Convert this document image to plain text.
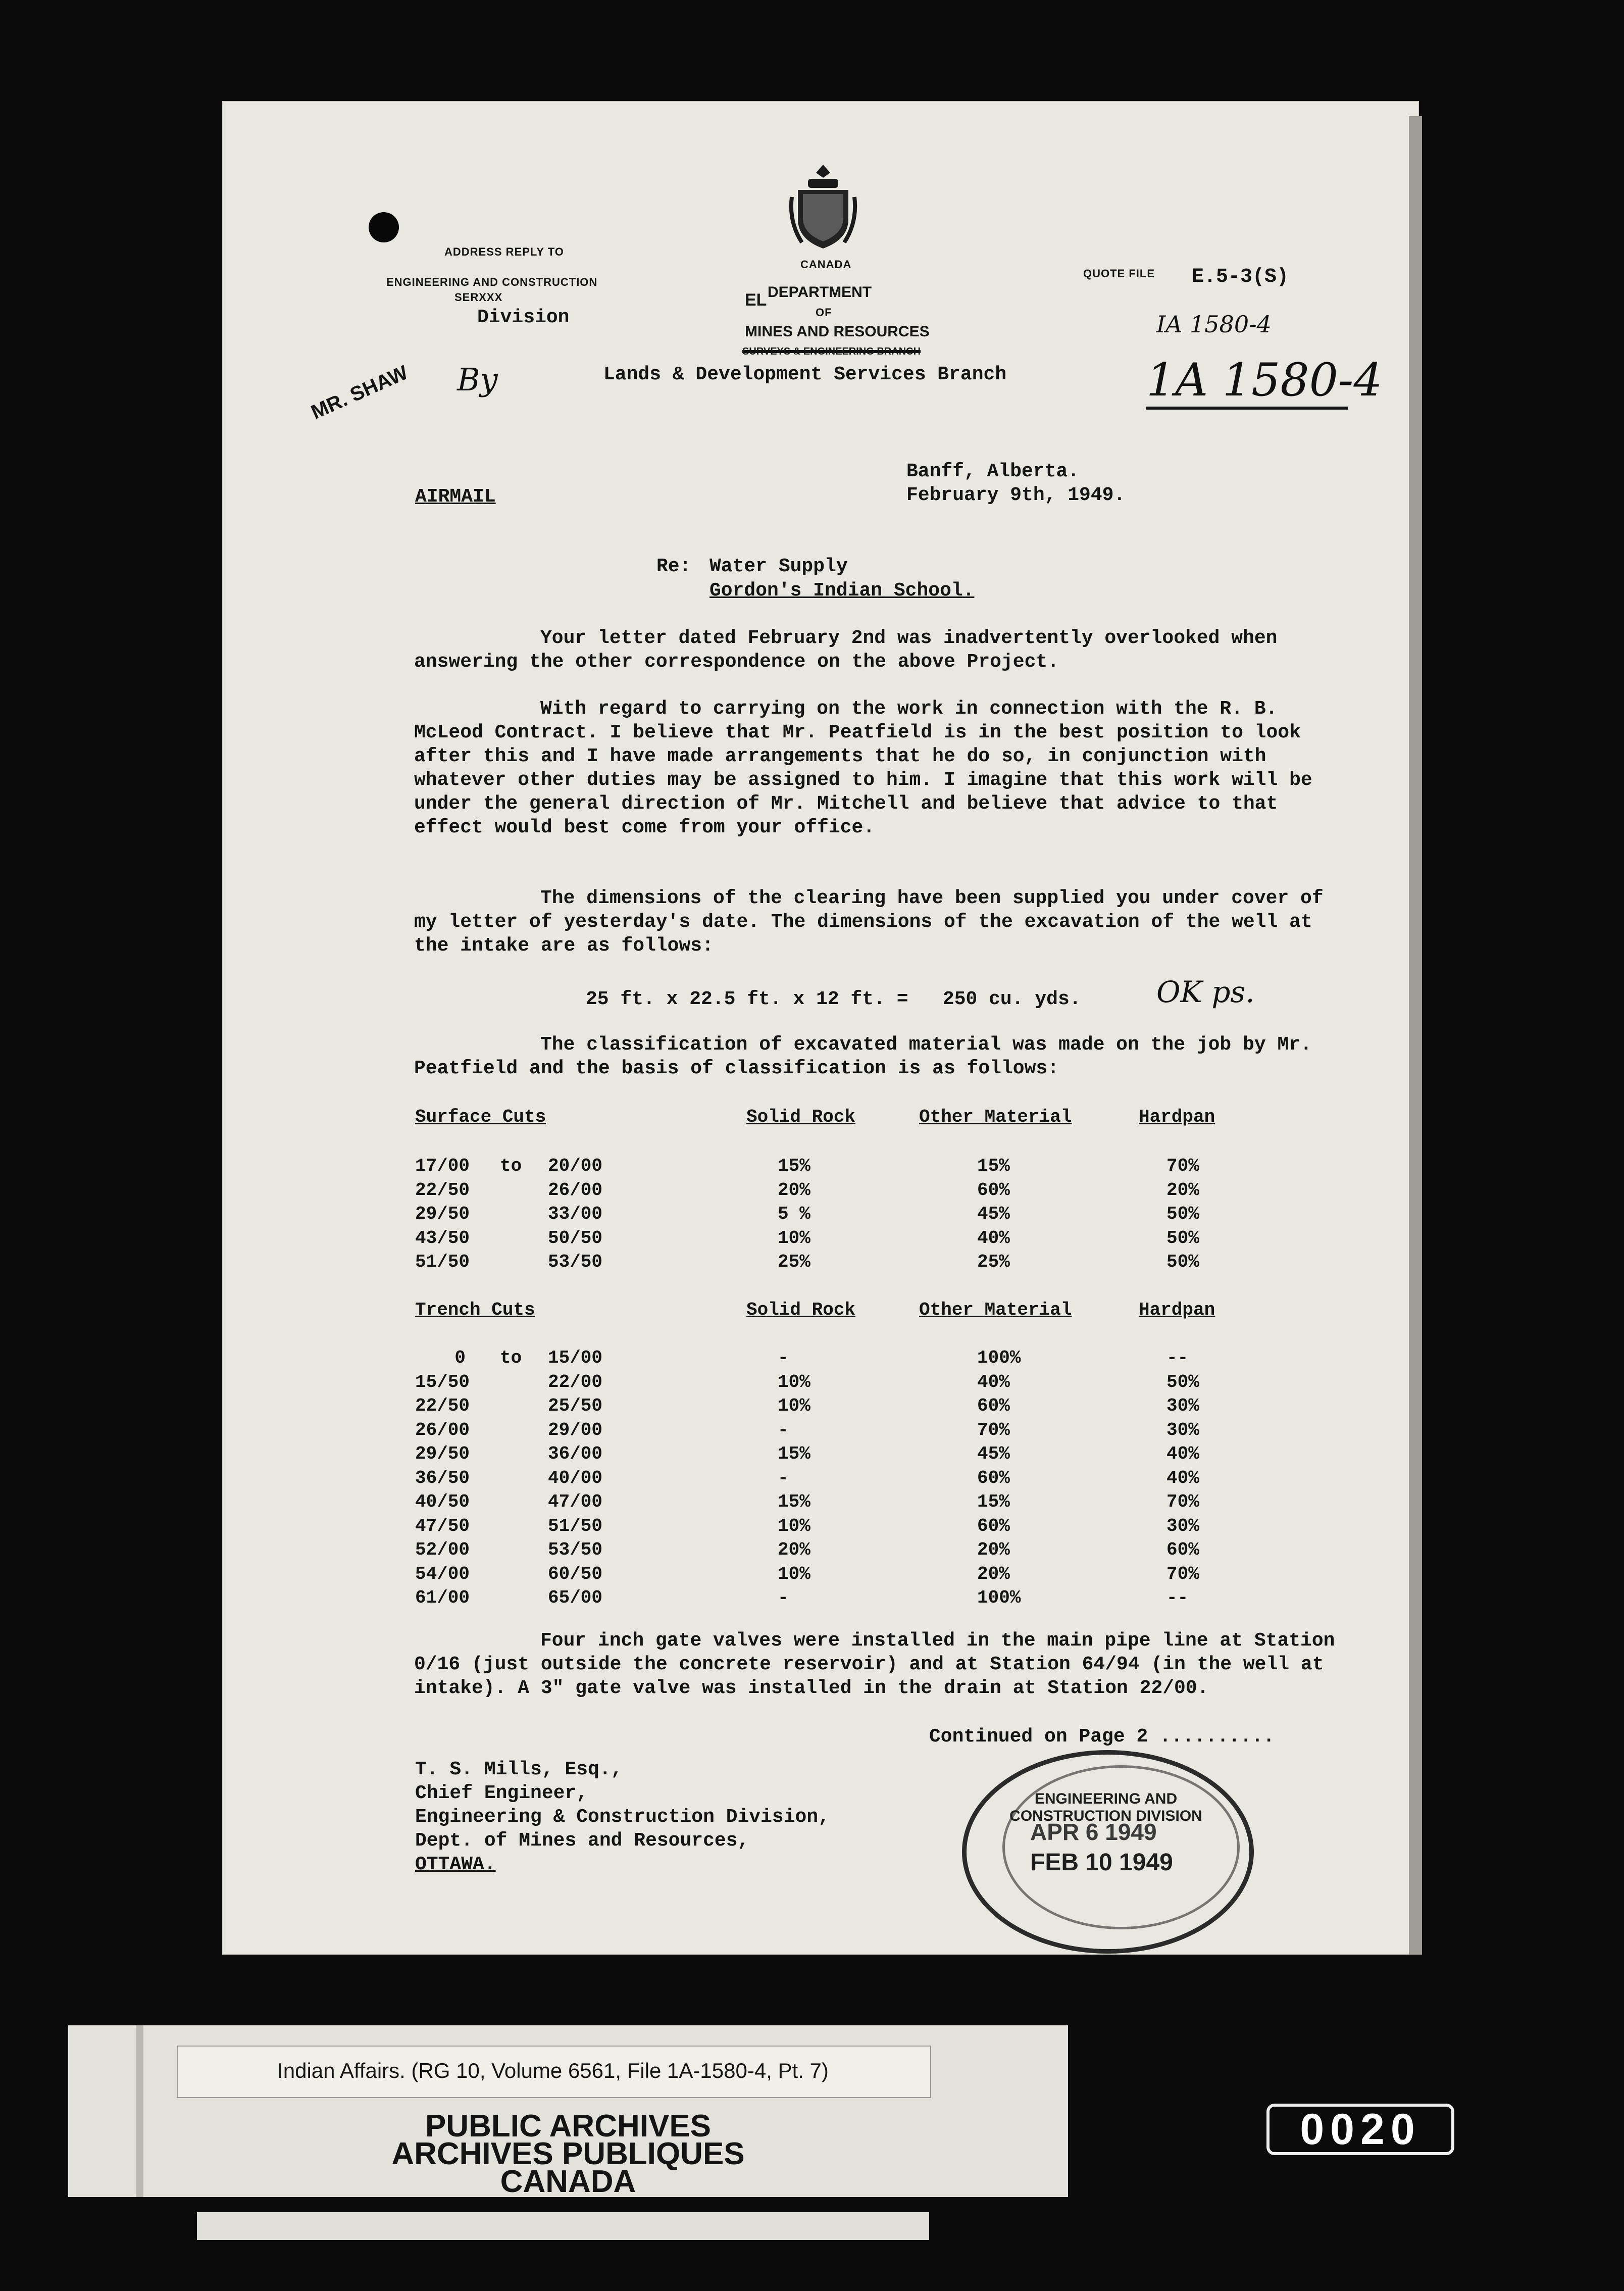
ADDRESS REPLY TO
ENGINEERING AND CONSTRUCTION
SERXXX
Division
CANADA
EL DEPARTMENT
OF
MINES AND RESOURCES
SURVEYS & ENGINEERING BRANCH
Lands & Development Services Branch
QUOTE FILE E.5-3(S)
MR. SHAW By
IA 1580-4
1A 1580-4
AIRMAIL
Banff, Alberta.
February 9th, 1949.
Re: Water Supply
Gordon's Indian School.
Your letter dated February 2nd was inadvertently overlooked when answering the other correspondence on the above Project.
With regard to carrying on the work in connection with the R. B. McLeod Contract. I believe that Mr. Peatfield is in the best position to look after this and I have made arrangements that he do so, in conjunction with whatever other duties may be assigned to him. I imagine that this work will be under the general direction of Mr. Mitchell and believe that advice to that effect would best come from your office.
The dimensions of the clearing have been supplied you under cover of my letter of yesterday's date. The dimensions of the excavation of the well at the intake are as follows:
25 ft. x 22.5 ft. x 12 ft. =   250 cu. yds.	OK ps.
The classification of excavated material was made on the job by Mr. Peatfield and the basis of classification is as follows:
Surface Cuts	Solid Rock	Other Material	Hardpan
17/00 to	20/00	15%	15%	70%
22/50	26/00	20%	60%	20%
29/50	33/00	5 %	45%	50%
43/50	50/50	10%	40%	50%
51/50	53/50	25%	25%	50%
Trench Cuts	Solid Rock	Other Material	Hardpan
0 to	15/00	-	100%	--
15/50	22/00	10%	40%	50%
22/50	25/50	10%	60%	30%
26/00	29/00	-	70%	30%
29/50	36/00	15%	45%	40%
36/50	40/00	-	60%	40%
40/50	47/00	15%	15%	70%
47/50	51/50	10%	60%	30%
52/00	53/50	20%	20%	60%
54/00	60/50	10%	20%	70%
61/00	65/00	-	100%	--
Four inch gate valves were installed in the main pipe line at Station 0/16 (just outside the concrete reservoir) and at Station 64/94 (in the well at intake). A 3" gate valve was installed in the drain at Station 22/00.
Continued on Page 2 ..........
T. S. Mills, Esq.,
Chief Engineer,
Engineering & Construction Division,
Dept. of Mines and Resources,
OTTAWA.
ENGINEERING AND CONSTRUCTION DIVISION
APR 6 1949
FEB 10 1949
Indian Affairs. (RG 10, Volume 6561, File 1A-1580-4, Pt. 7)
PUBLIC ARCHIVES
ARCHIVES PUBLIQUES
CANADA
0020
